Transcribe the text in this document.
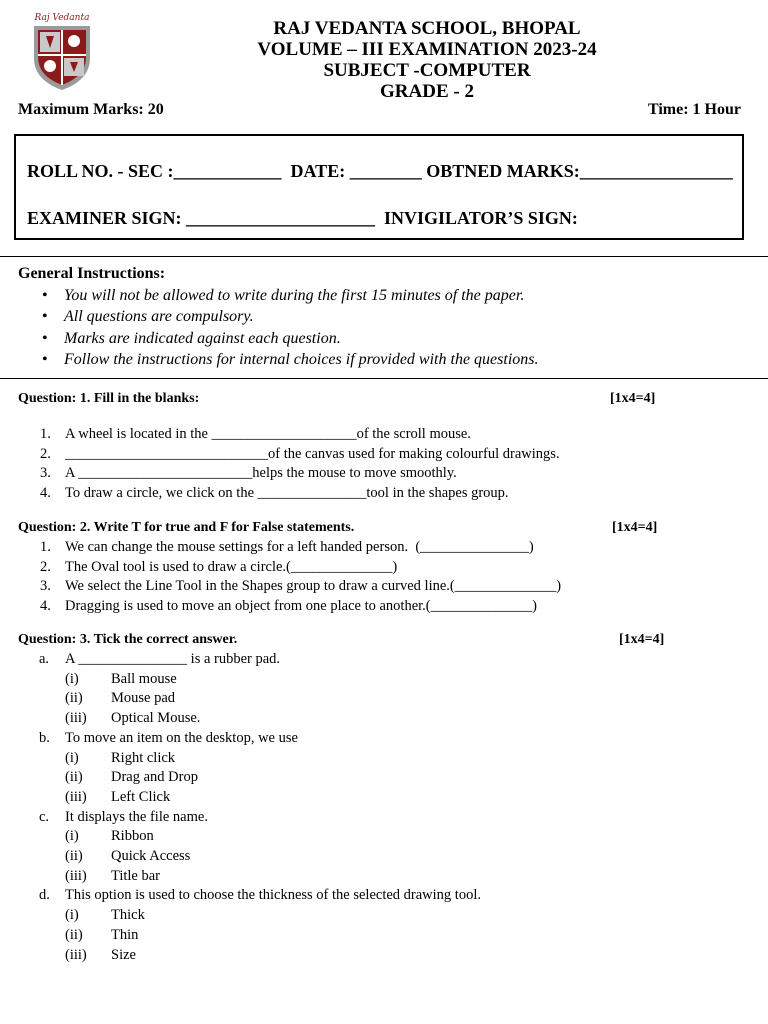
Raj Vedanta	RAJ VEDANTA SCHOOL, BHOPAL
VOLUME – III EXAMINATION 2023-24
SUBJECT -COMPUTER
GRADE - 2
Maximum Marks: 20	Time: 1 Hour
ROLL NO. - SEC :____________  DATE: ________ OBTNED MARKS:_________________
EXAMINER SIGN: _____________________  INVIGILATOR’S SIGN:
General Instructions:
• You will not be allowed to write during the first 15 minutes of the paper.
• All questions are compulsory.
• Marks are indicated against each question.
• Follow the instructions for internal choices if provided with the questions.
Question: 1. Fill in the blanks:	[1x4=4]
1. A wheel is located in the ____________________of the scroll mouse.
2. ____________________________of the canvas used for making colourful drawings.
3. A ________________________helps the mouse to move smoothly.
4. To draw a circle, we click on the _______________tool in the shapes group.
Question: 2. Write T for true and F for False statements.	[1x4=4]
1. We can change the mouse settings for a left handed person.  (_______________)
2. The Oval tool is used to draw a circle.(______________)
3. We select the Line Tool in the Shapes group to draw a curved line.(______________)
4. Dragging is used to move an object from one place to another.(______________)
Question: 3. Tick the correct answer.	[1x4=4]
a. A _______________ is a rubber pad.
(i) Ball mouse
(ii) Mouse pad
(iii) Optical Mouse.
b. To move an item on the desktop, we use
(i) Right click
(ii) Drag and Drop
(iii) Left Click
c. It displays the file name.
(i) Ribbon
(ii) Quick Access
(iii) Title bar
d. This option is used to choose the thickness of the selected drawing tool.
(i) Thick
(ii) Thin
(iii) Size
